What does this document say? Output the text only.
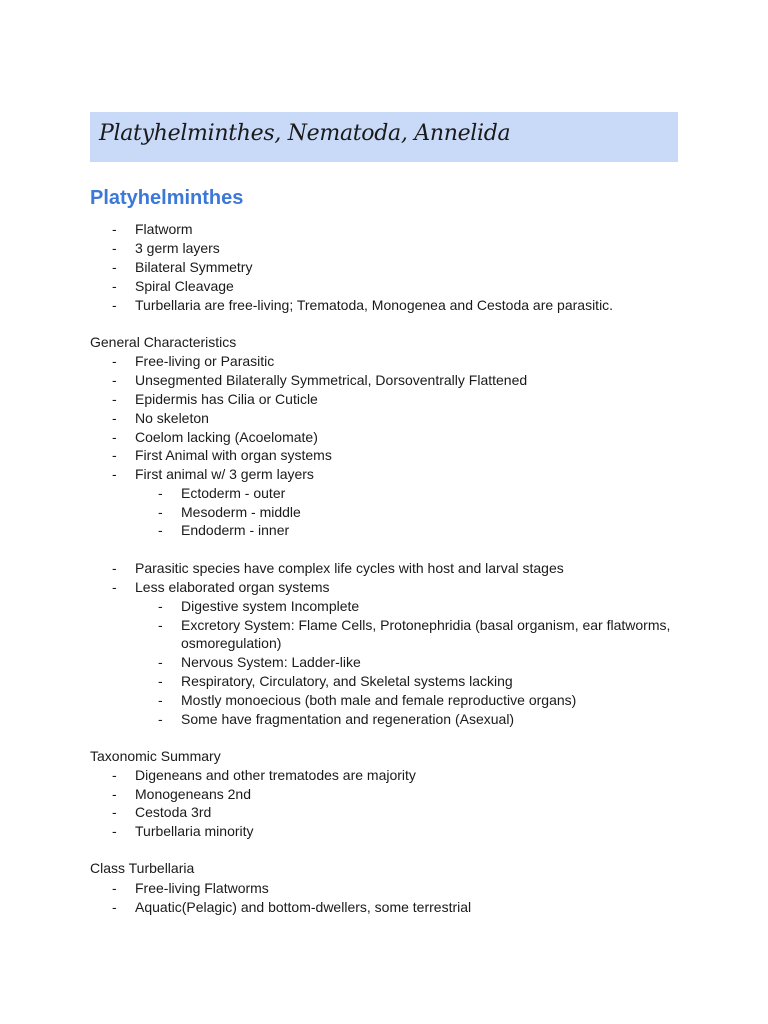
Platyhelminthes, Nematoda, Annelida
Platyhelminthes
- Flatworm
- 3 germ layers
- Bilateral Symmetry
- Spiral Cleavage
- Turbellaria are free-living; Trematoda, Monogenea and Cestoda are parasitic.
General Characteristics
- Free-living or Parasitic
- Unsegmented Bilaterally Symmetrical, Dorsoventrally Flattened
- Epidermis has Cilia or Cuticle
- No skeleton
- Coelom lacking (Acoelomate)
- First Animal with organ systems
- First animal w/ 3 germ layers
- Ectoderm - outer
- Mesoderm - middle
- Endoderm - inner
- Parasitic species have complex life cycles with host and larval stages
- Less elaborated organ systems
- Digestive system Incomplete
- Excretory System: Flame Cells, Protonephridia (basal organism, ear flatworms,
osmoregulation)
- Nervous System: Ladder-like
- Respiratory, Circulatory, and Skeletal systems lacking
- Mostly monoecious (both male and female reproductive organs)
- Some have fragmentation and regeneration (Asexual)
Taxonomic Summary
- Digeneans and other trematodes are majority
- Monogeneans 2nd
- Cestoda 3rd
- Turbellaria minority
Class Turbellaria
- Free-living Flatworms
- Aquatic(Pelagic) and bottom-dwellers, some terrestrial
